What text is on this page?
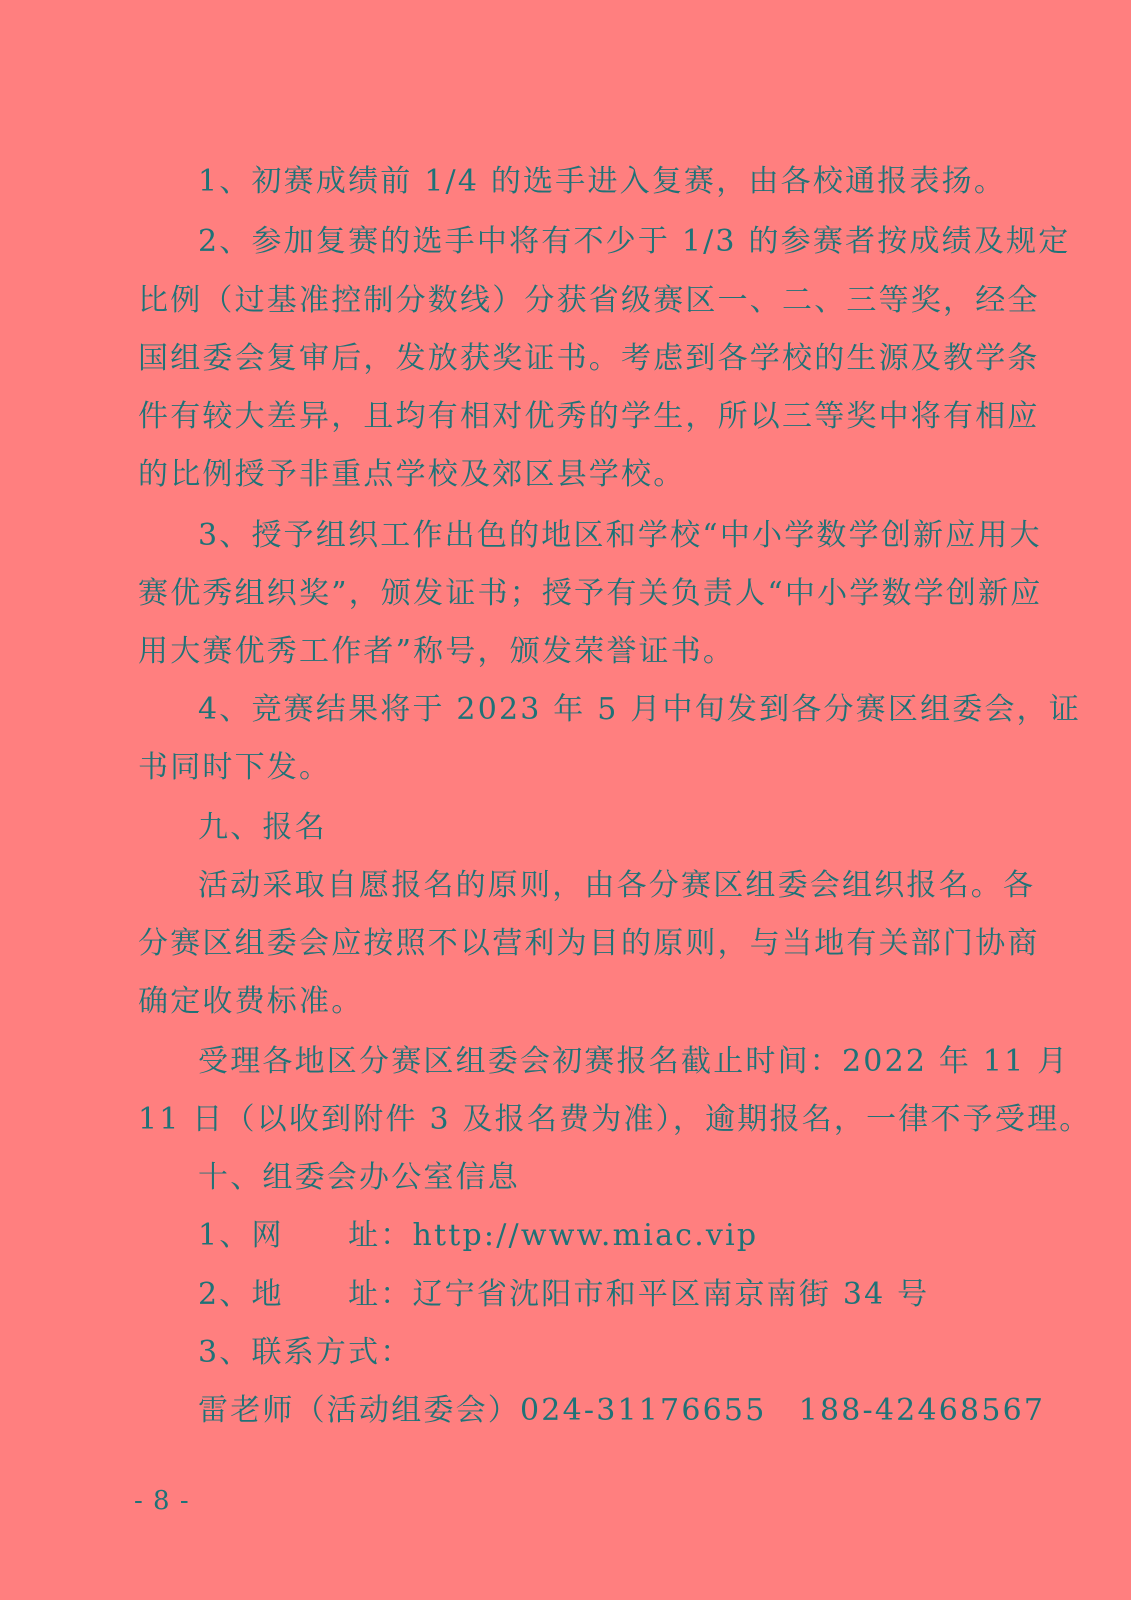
1、初赛成绩前 1/4 的选手进入复赛，由各校通报表扬。
2、参加复赛的选手中将有不少于 1/3 的参赛者按成绩及规定
比例（过基准控制分数线）分获省级赛区一、二、三等奖，经全
国组委会复审后，发放获奖证书。考虑到各学校的生源及教学条
件有较大差异，且均有相对优秀的学生，所以三等奖中将有相应
的比例授予非重点学校及郊区县学校。
3、授予组织工作出色的地区和学校“中小学数学创新应用大
赛优秀组织奖”，颁发证书；授予有关负责人“中小学数学创新应
用大赛优秀工作者”称号，颁发荣誉证书。
4、竞赛结果将于 2023 年 5 月中旬发到各分赛区组委会，证
书同时下发。
九、报名
活动采取自愿报名的原则，由各分赛区组委会组织报名。各
分赛区组委会应按照不以营利为目的原则，与当地有关部门协商
确定收费标准。
受理各地区分赛区组委会初赛报名截止时间：2022 年 11 月
11 日（以收到附件 3 及报名费为准），逾期报名，一律不予受理。
十、组委会办公室信息
1、网　　址：http://www.miac.vip
2、地　　址：辽宁省沈阳市和平区南京南街 34 号
3、联系方式：
雷老师（活动组委会）024-31176655　188-42468567
- 8 -
